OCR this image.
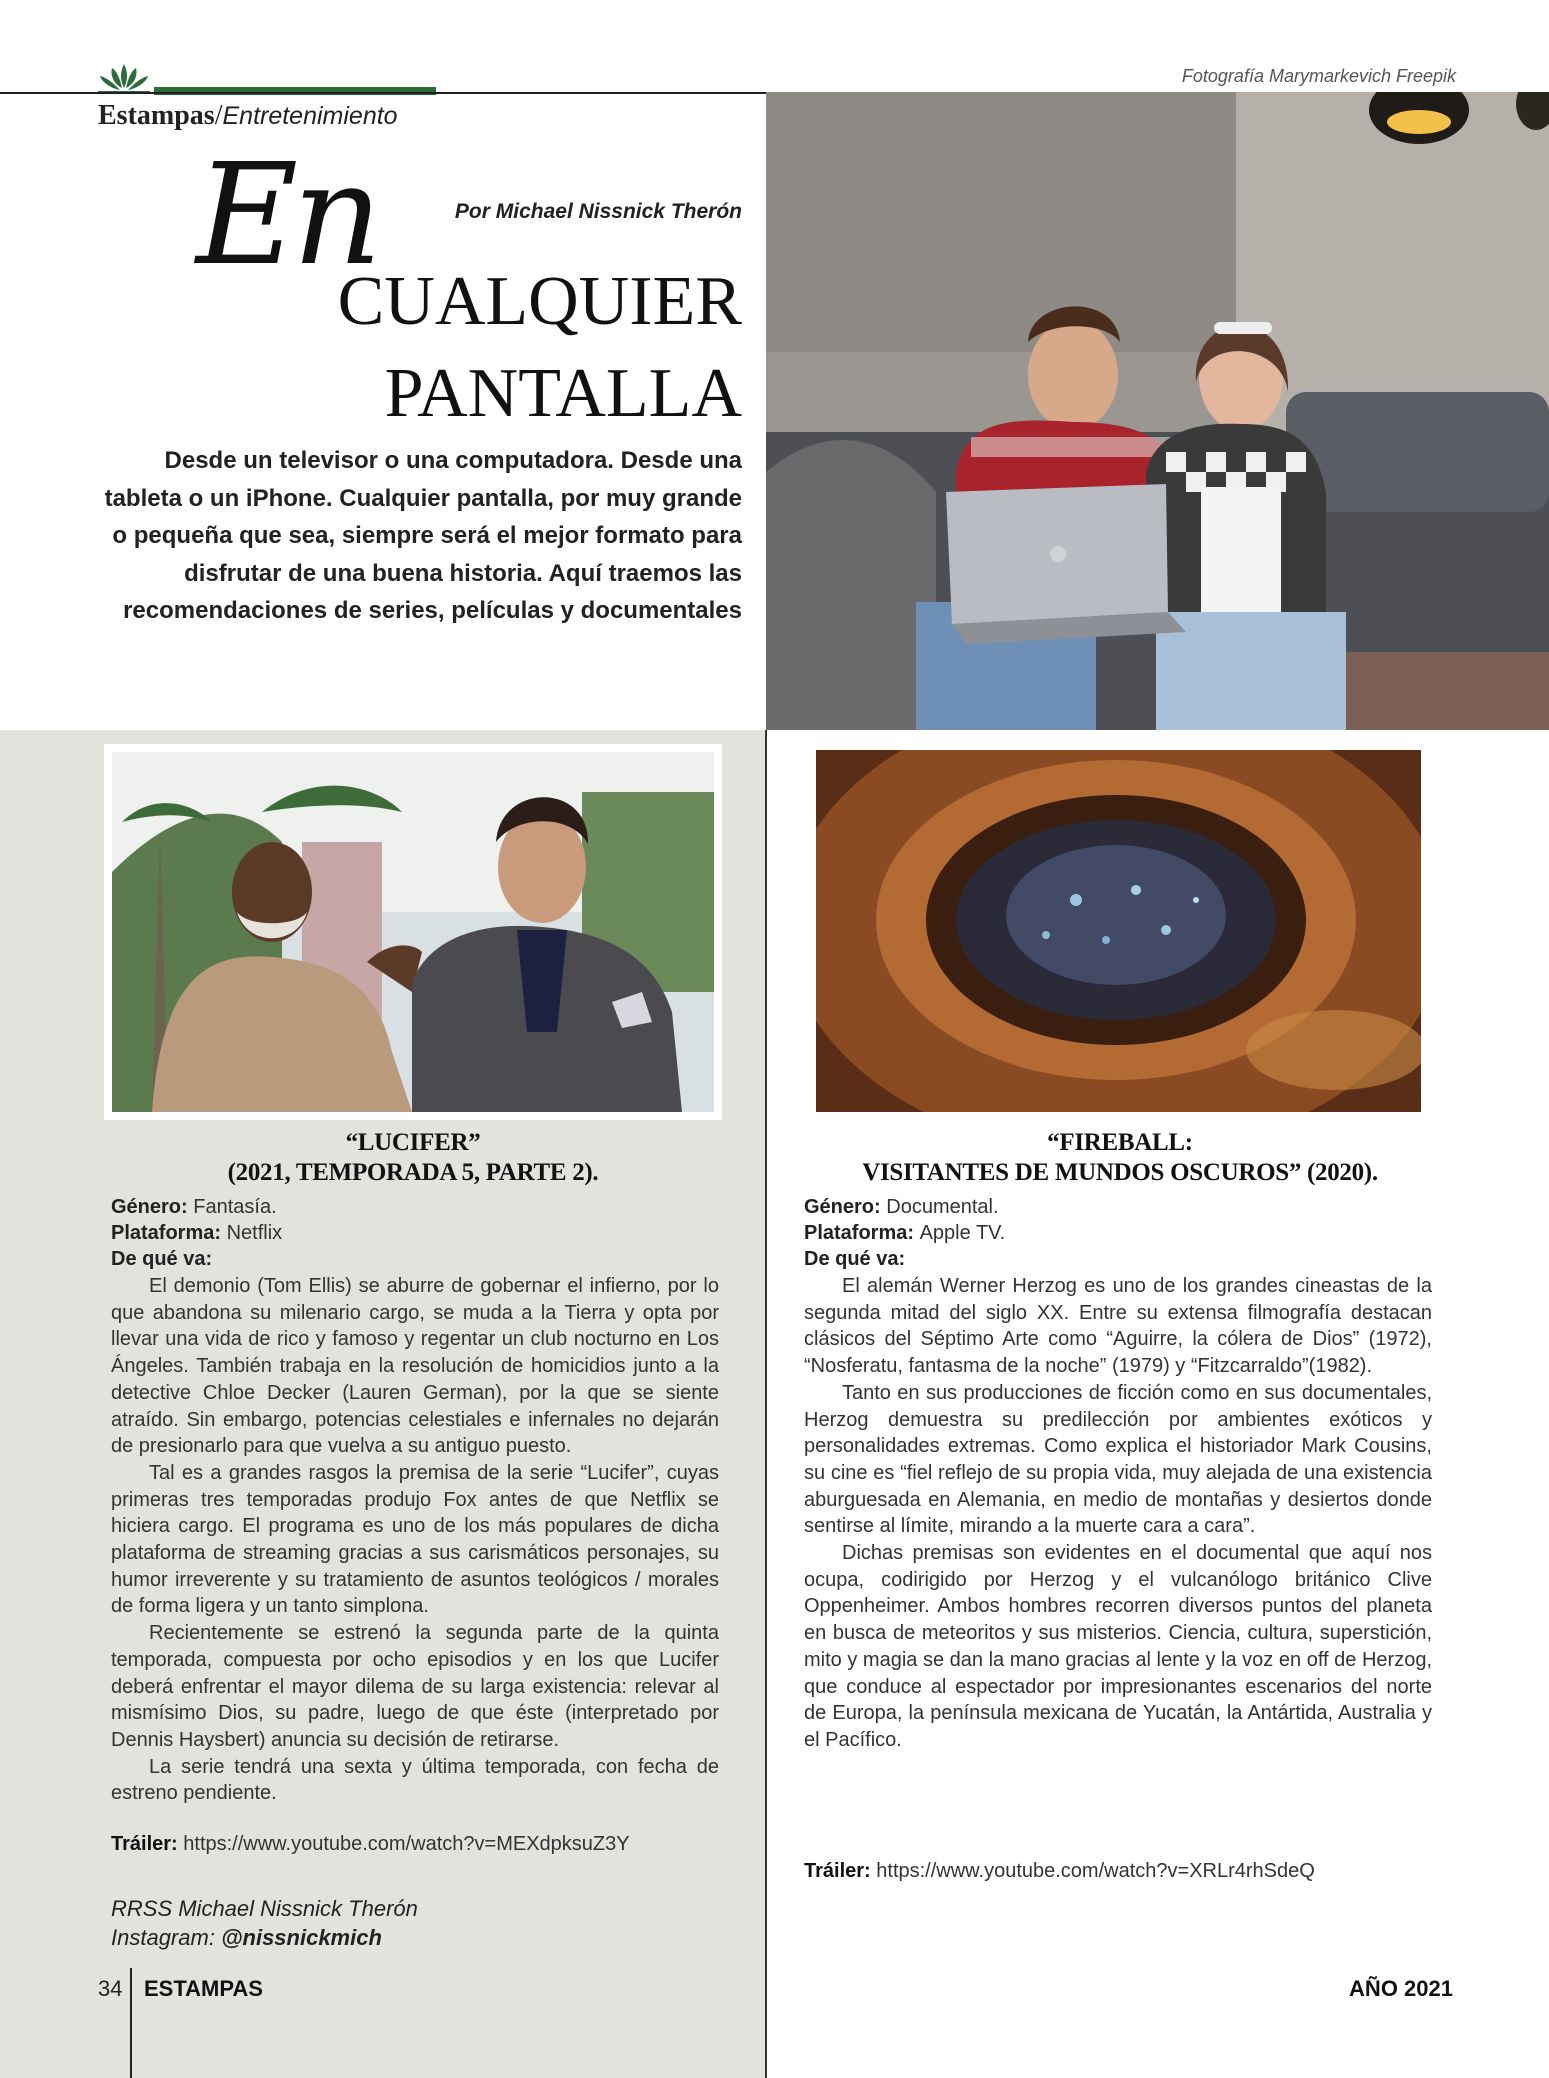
Estampas/Entretenimiento
Fotografía Marymarkevich Freepik
En	Por Michael Nissnick Therón
CUALQUIER
PANTALLA
Desde un televisor o una computadora. Desde una tableta o un iPhone. Cualquier pantalla, por muy grande o pequeña que sea, siempre será el mejor formato para disfrutar de una buena historia. Aquí traemos las recomendaciones de series, películas y documentales
“LUCIFER”
(2021, TEMPORADA 5, PARTE 2).
Género: Fantasía.
Plataforma: Netflix
De qué va:

El demonio (Tom Ellis) se aburre de gobernar el infierno, por lo que abandona su milenario cargo, se muda a la Tierra y opta por llevar una vida de rico y famoso y regentar un club nocturno en Los Ángeles. También trabaja en la resolución de homicidios junto a la detective Chloe Decker (Lauren German), por la que se siente atraído. Sin embargo, potencias celestiales e infernales no dejarán de presionarlo para que vuelva a su antiguo puesto.

Tal es a grandes rasgos la premisa de la serie “Lucifer”, cuyas primeras tres temporadas produjo Fox antes de que Netflix se hiciera cargo. El programa es uno de los más populares de dicha plataforma de streaming gracias a sus carismáticos personajes, su humor irreverente y su tratamiento de asuntos teológicos / morales de forma ligera y un tanto simplona.

Recientemente se estrenó la segunda parte de la quinta temporada, compuesta por ocho episodios y en los que Lucifer deberá enfrentar el mayor dilema de su larga existencia: relevar al mismísimo Dios, su padre, luego de que éste (interpretado por Dennis Haysbert) anuncia su decisión de retirarse.

La serie tendrá una sexta y última temporada, con fecha de estreno pendiente.

Tráiler: https://www.youtube.com/watch?v=MEXdpksuZ3Y
RRSS Michael Nissnick Therón
Instagram: @nissnickmich
“FIREBALL:
VISITANTES DE MUNDOS OSCUROS” (2020).
Género: Documental.
Plataforma: Apple TV.
De qué va:

El alemán Werner Herzog es uno de los grandes cineastas de la segunda mitad del siglo XX. Entre su extensa filmografía destacan clásicos del Séptimo Arte como “Aguirre, la cólera de Dios” (1972), “Nosferatu, fantasma de la noche” (1979) y “Fitzcarraldo”(1982).

Tanto en sus producciones de ficción como en sus documentales, Herzog demuestra su predilección por ambientes exóticos y personalidades extremas. Como explica el historiador Mark Cousins, su cine es “fiel reflejo de su propia vida, muy alejada de una existencia aburguesada en Alemania, en medio de montañas y desiertos donde sentirse al límite, mirando a la muerte cara a cara”.

Dichas premisas son evidentes en el documental que aquí nos ocupa, codirigido por Herzog y el vulcanólogo británico Clive Oppenheimer. Ambos hombres recorren diversos puntos del planeta en busca de meteoritos y sus misterios. Ciencia, cultura, superstición, mito y magia se dan la mano gracias al lente y la voz en off de Herzog, que conduce al espectador por impresionantes escenarios del norte de Europa, la península mexicana de Yucatán, la Antártida, Australia y el Pacífico.

Tráiler: https://www.youtube.com/watch?v=XRLr4rhSdeQ
34 ESTAMPAS	AÑO 2021
